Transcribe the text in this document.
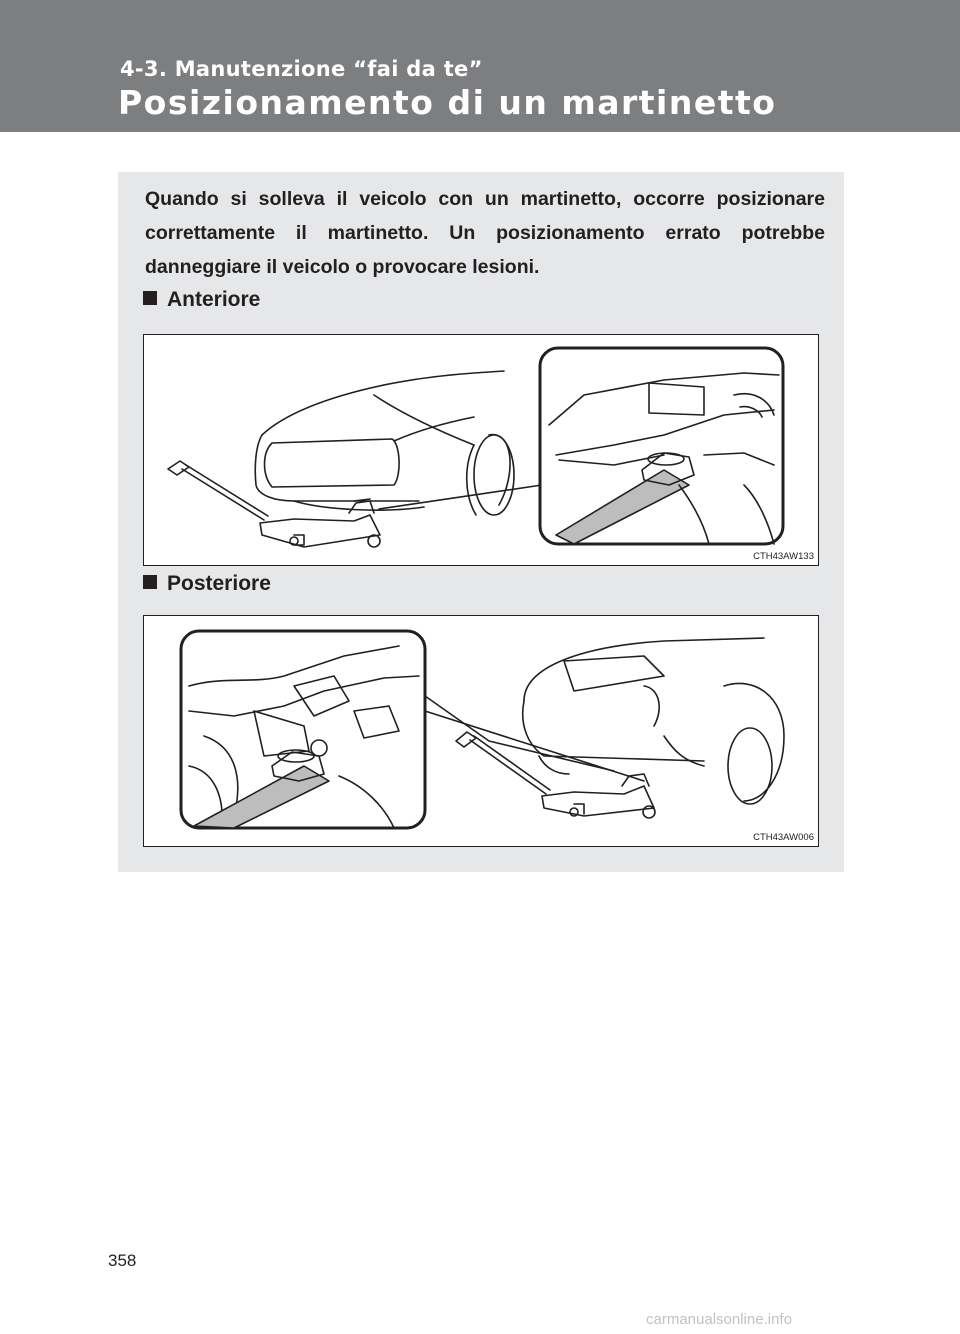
4-3. Manutenzione “fai da te”
Posizionamento di un martinetto
Quando si solleva il veicolo con un martinetto, occorre posizionare correttamente il martinetto. Un posizionamento errato potrebbe danneggiare il veicolo o provocare lesioni.
Anteriore
CTH43AW133
Posteriore
CTH43AW006
358
carmanualsonline.info
